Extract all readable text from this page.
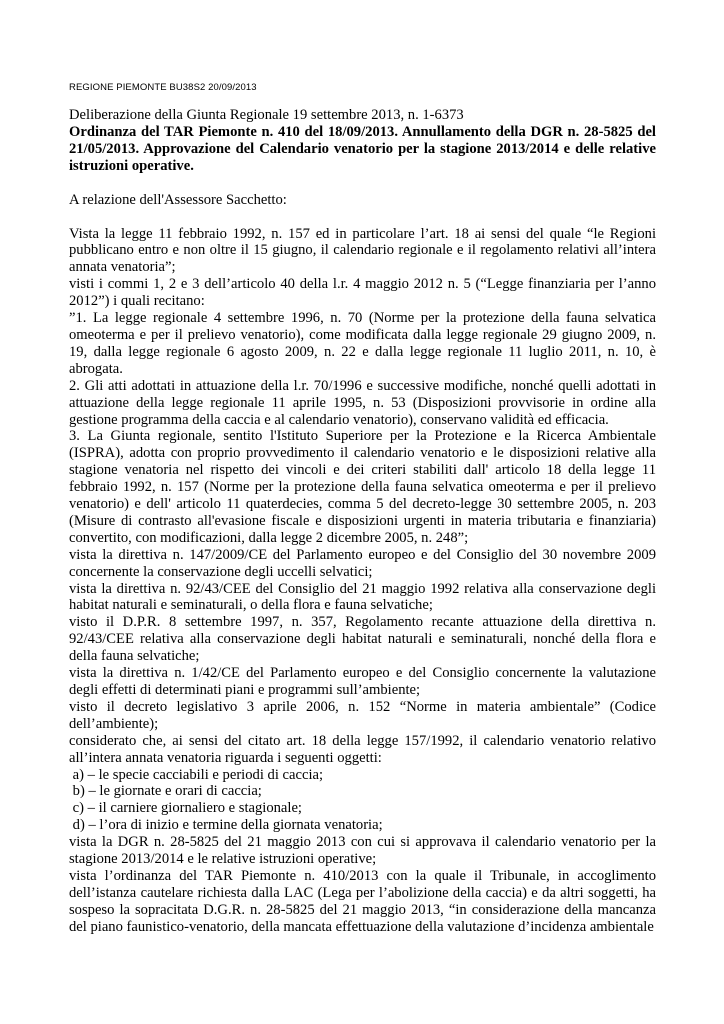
REGIONE PIEMONTE BU38S2 20/09/2013

Deliberazione della Giunta Regionale 19 settembre 2013, n. 1-6373

Ordinanza del TAR Piemonte n. 410 del 18/09/2013. Annullamento della DGR n. 28-5825 del 21/05/2013. Approvazione del Calendario venatorio per la stagione 2013/2014 e delle relative istruzioni operative.

A relazione dell'Assessore Sacchetto:

Vista la legge 11 febbraio 1992, n. 157 ed in particolare l’art. 18 ai sensi del quale “le Regioni pubblicano entro e non oltre il 15 giugno, il calendario regionale e il regolamento relativi all’intera annata venatoria”;

visti i commi 1, 2 e 3 dell’articolo 40 della l.r. 4 maggio 2012 n. 5 (“Legge finanziaria per l’anno 2012”) i quali recitano:

”1. La legge regionale 4 settembre 1996, n. 70 (Norme per la protezione della fauna selvatica omeoterma e per il prelievo venatorio), come modificata dalla legge regionale 29 giugno 2009, n. 19, dalla legge regionale 6 agosto 2009, n. 22 e dalla legge regionale 11 luglio 2011, n. 10, è abrogata.

2. Gli atti adottati in attuazione della l.r. 70/1996 e successive modifiche, nonché quelli adottati in attuazione della legge regionale 11 aprile 1995, n. 53 (Disposizioni provvisorie in ordine alla gestione programma della caccia e al calendario venatorio), conservano validità ed efficacia.

3. La Giunta regionale, sentito l'Istituto Superiore per la Protezione e la Ricerca Ambientale (ISPRA), adotta con proprio provvedimento il calendario venatorio e le disposizioni relative alla stagione venatoria nel rispetto dei vincoli e dei criteri stabiliti dall' articolo 18 della legge 11 febbraio 1992, n. 157 (Norme per la protezione della fauna selvatica omeoterma e per il prelievo venatorio) e dell' articolo 11 quaterdecies, comma 5 del decreto-legge 30 settembre 2005, n. 203 (Misure di contrasto all'evasione fiscale e disposizioni urgenti in materia tributaria e finanziaria) convertito, con modificazioni, dalla legge 2 dicembre 2005, n. 248”;

vista la direttiva n. 147/2009/CE del Parlamento europeo e del Consiglio del 30 novembre 2009 concernente la conservazione degli uccelli selvatici;

vista la direttiva n. 92/43/CEE del Consiglio del 21 maggio 1992 relativa alla conservazione degli habitat naturali e seminaturali, o della flora e fauna selvatiche;

visto il D.P.R. 8 settembre 1997, n. 357, Regolamento recante attuazione della direttiva n. 92/43/CEE relativa alla conservazione degli habitat naturali e seminaturali, nonché della flora e della fauna selvatiche;

vista la direttiva n. 1/42/CE del Parlamento europeo e del Consiglio concernente la valutazione degli effetti di determinati piani e programmi sull’ambiente;

visto il decreto legislativo 3 aprile 2006, n. 152 “Norme in materia ambientale” (Codice dell’ambiente);

considerato che, ai sensi del citato art. 18 della legge 157/1992, il calendario venatorio relativo all’intera annata venatoria riguarda i seguenti oggetti:

a) – le specie cacciabili e periodi di caccia;

b) – le giornate e orari di caccia;

c) – il carniere giornaliero e stagionale;

d) – l’ora di inizio e termine della giornata venatoria;

vista la DGR n. 28-5825 del 21 maggio 2013 con cui si approvava il calendario venatorio per la stagione 2013/2014 e le relative istruzioni operative;

vista l’ordinanza del TAR Piemonte n. 410/2013 con la quale il Tribunale, in accoglimento dell’istanza cautelare richiesta dalla LAC (Lega per l’abolizione della caccia) e da altri soggetti, ha sospeso la sopracitata D.G.R. n. 28-5825 del 21 maggio 2013, “in considerazione della mancanza del piano faunistico-venatorio, della mancata effettuazione della valutazione d’incidenza ambientale
